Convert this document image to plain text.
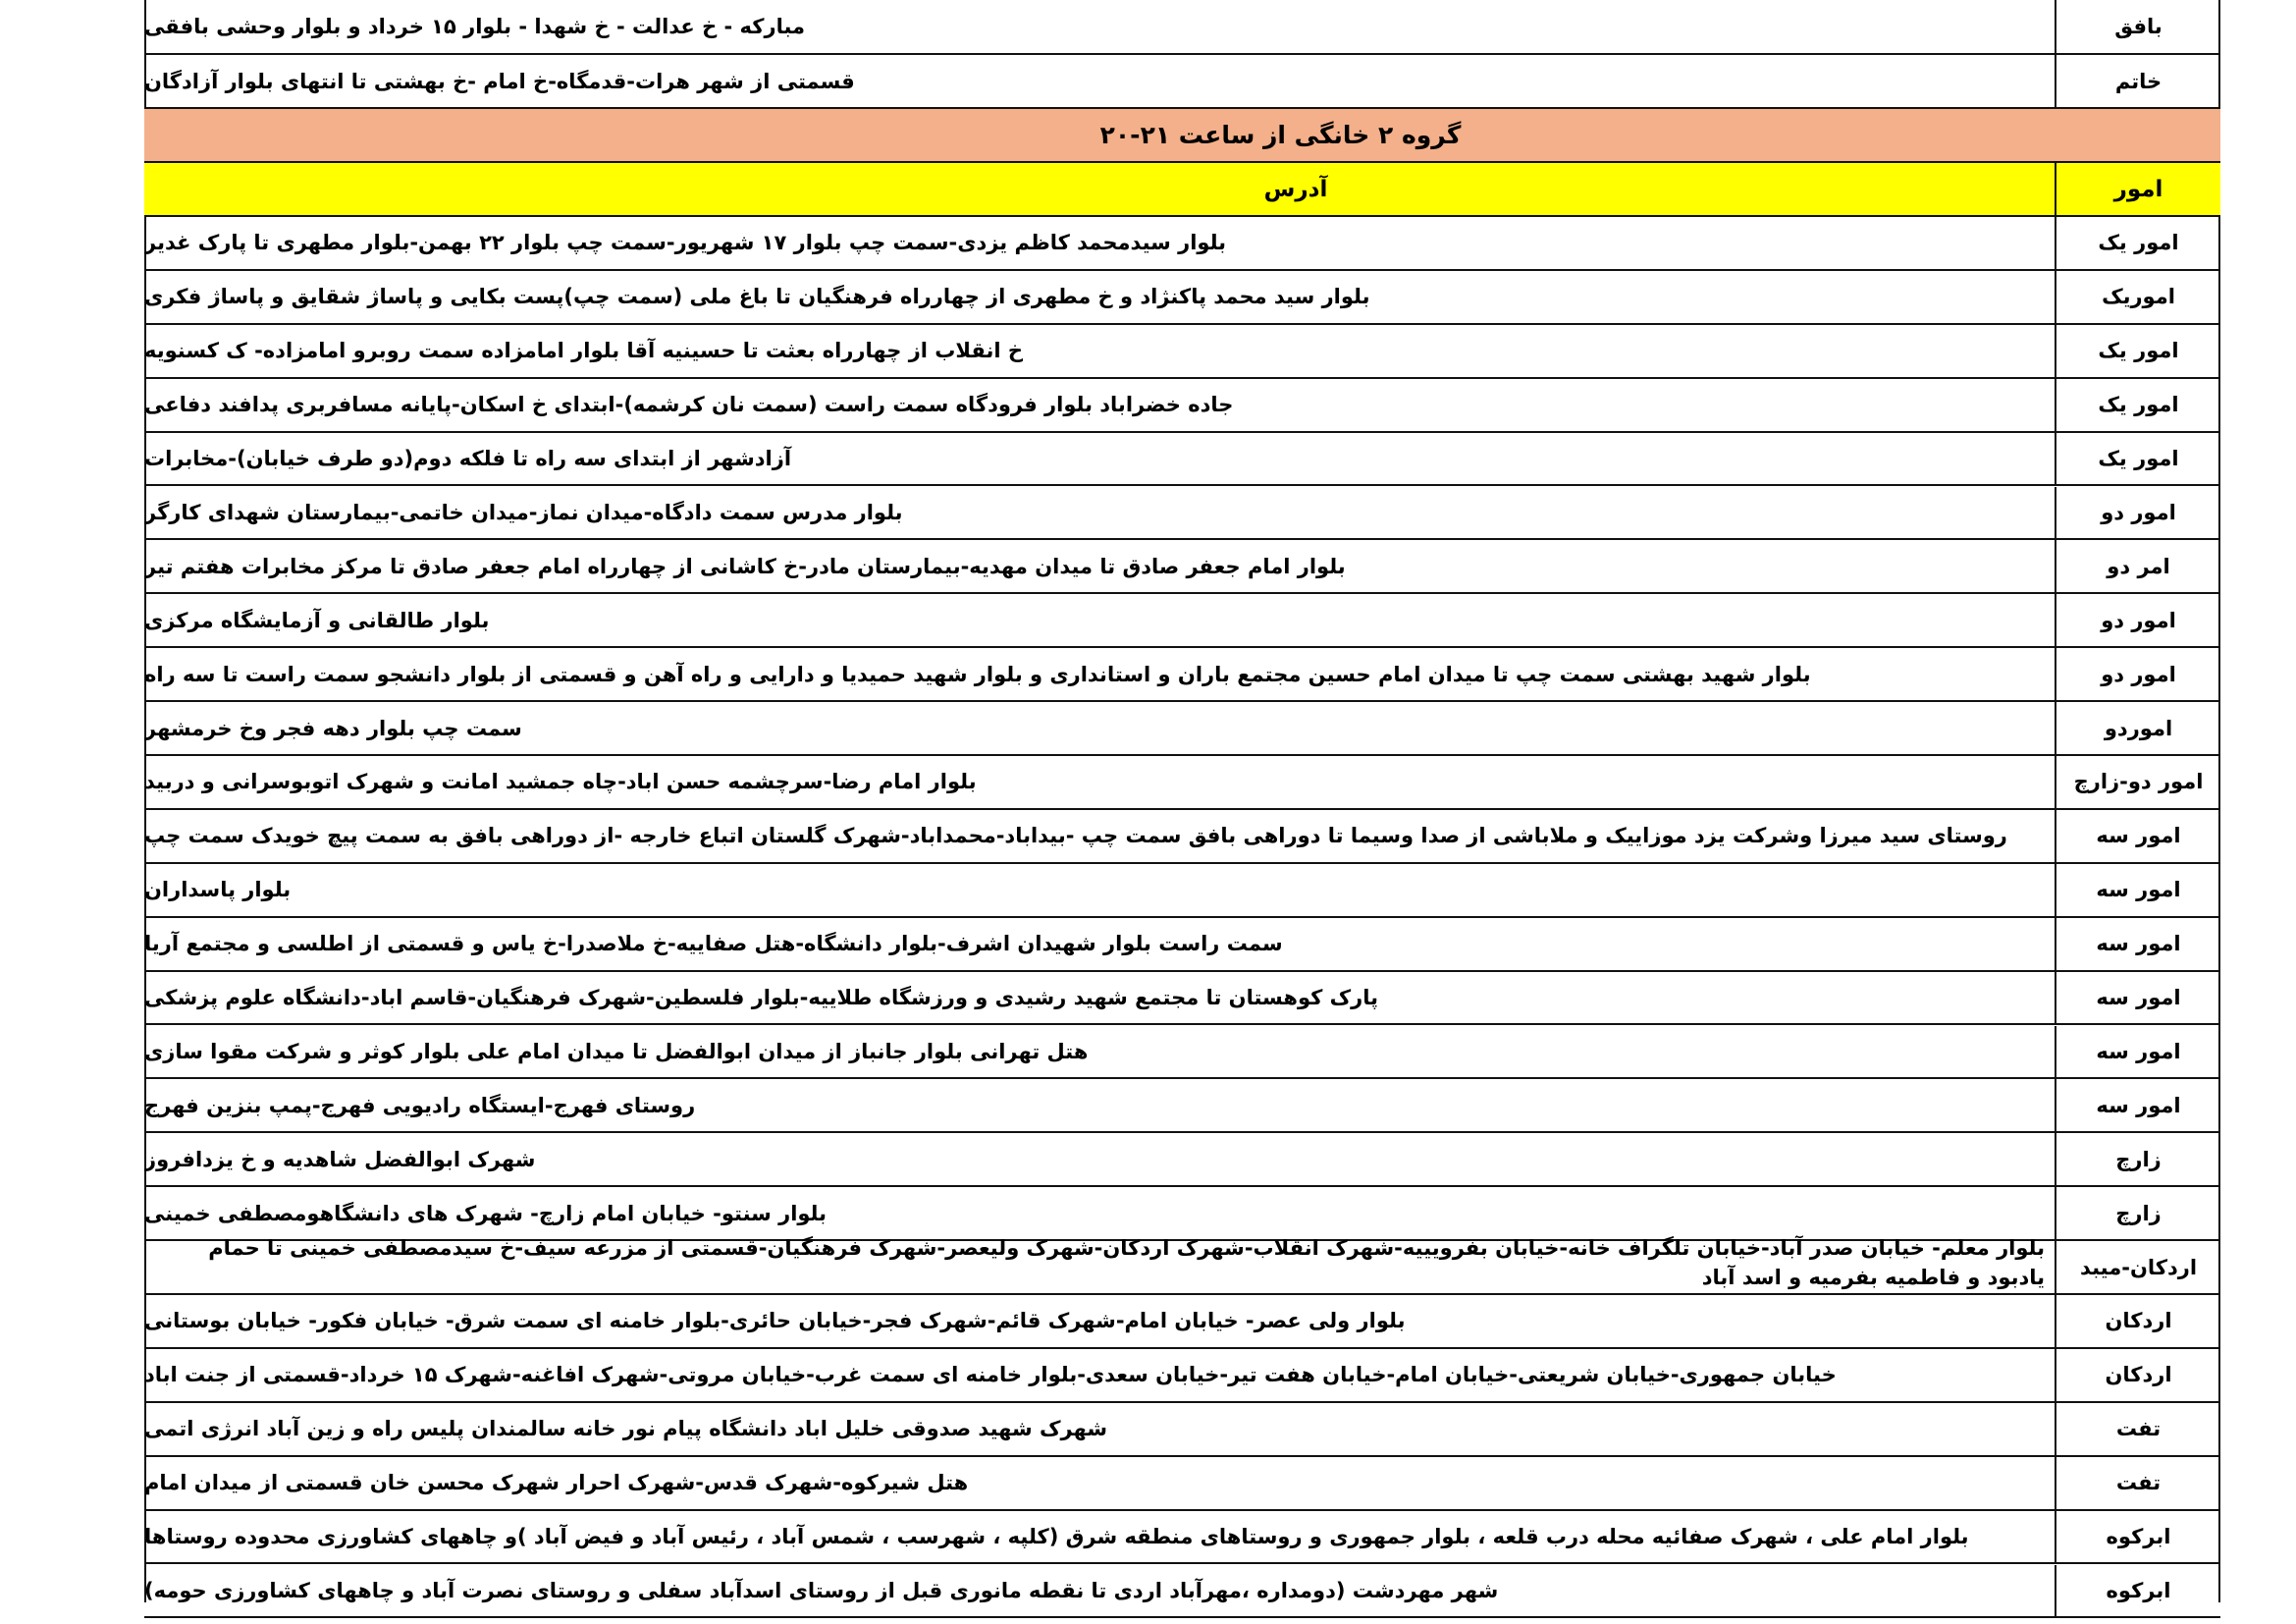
مبارکه - خ عدالت - خ شهدا - بلوار ۱۵ خرداد و بلوار وحشی بافقی	بافق
قسمتی از شهر هرات-قدمگاه-خ امام -خ بهشتی تا انتهای بلوار آزادگان	خاتم
گروه ۲ خانگی از ساعت ۲۱-۲۰
آدرس	امور
بلوار سیدمحمد کاظم یزدی-سمت چپ بلوار ۱۷ شهریور-سمت چپ بلوار ۲۲ بهمن-بلوار مطهری تا پارک غدیر	امور یک
بلوار سید محمد پاکنژاد و خ مطهری از چهارراه فرهنگیان تا باغ ملی (سمت چپ)پست بکایی و پاساژ شقایق و پاساژ فکری	اموریک
خ انقلاب از چهارراه بعثت تا حسینیه آقا بلوار امامزاده سمت روبرو امامزاده- ک کسنویه	امور یک
جاده خضراباد بلوار فرودگاه سمت راست (سمت نان کرشمه)-ابتدای خ اسکان-پایانه مسافربری پدافند دفاعی	امور یک
آزادشهر از ابتدای سه راه تا فلکه دوم(دو طرف خیابان)-مخابرات	امور یک
بلوار مدرس سمت دادگاه-میدان نماز-میدان خاتمی-بیمارستان شهدای کارگر	امور دو
بلوار امام جعفر صادق تا میدان مهدیه-بیمارستان مادر-خ کاشانی از چهارراه امام جعفر صادق تا مرکز مخابرات هفتم تیر	امر دو
بلوار طالقانی و آزمایشگاه مرکزی	امور دو
بلوار شهید بهشتی سمت چپ تا میدان امام حسین مجتمع باران و استانداری و بلوار شهید حمیدیا و دارایی و راه آهن و قسمتی از بلوار دانشجو سمت راست تا سه راه	امور دو
سمت چپ بلوار دهه فجر وخ خرمشهر	امورد‌و
بلوار امام رضا-سرچشمه حسن اباد-چاه جمشید امانت و شهرک اتوبوسرانی و دربید	امور دو-زارچ
روستای سید میرزا وشرکت یزد موزاییک و ملاباشی از صدا وسیما تا دوراهی بافق سمت چپ -بیداباد-محمداباد-شهرک گلستان اتباع خارجه -از دوراهی بافق به سمت پیچ خویدک سمت چپ	امور سه
بلوار پاسداران	امور سه
سمت راست بلوار شهیدان اشرف-بلوار دانشگاه-هتل صفاییه-خ ملاصدرا-خ یاس و قسمتی از اطلسی و مجتمع آریا	امور سه
پارک کوهستان تا مجتمع شهید رشیدی و ورزشگاه طلاییه-بلوار فلسطین-شهرک فرهنگیان-قاسم اباد-دانشگاه علوم پزشکی	امور سه
هتل تهرانی بلوار جانباز از میدان ابوالفضل تا میدان امام علی بلوار کوثر و شرکت مقوا سازی	امور سه
روستای فهرج-ایستگاه رادیویی فهرج-پمپ بنزین فهرج	امور سه
شهرک ابوالفضل شاهدیه و خ یزدافروز	زارچ
بلوار سنتو- خیابان امام زارچ- شهرک های دانشگاهومصطفی خمینی	زارچ
بلوار معلم- خیابان صدر آباد-خیابان تلگراف خانه-خیابان بفرویییه-شهرک انقلاب-شهرک اردکان-شهرک ولیعصر-شهرک فرهنگیان-قسمتی از مزرعه سیف-خ سیدمصطفی خمینی تا حمام یادبود و فاطمیه بفرمیه و اسد آباد	اردکان-میبد
بلوار ولی عصر- خیابان امام-شهرک قائم-شهرک فجر-خیابان حائری-بلوار خامنه ای سمت شرق- خیابان فکور- خیابان بوستانی	اردکان
خیابان جمهوری-خیابان شریعتی-خیابان امام-خیابان هفت تیر-خیابان سعدی-بلوار خامنه ای سمت غرب-خیابان مروتی-شهرک افاغنه-شهرک ۱۵ خرداد-قسمتی از جنت اباد	اردکان
شهرک شهید صدوقی خلیل اباد دانشگاه پیام نور خانه سالمندان پلیس راه و زین آباد انرژی اتمی	تفت
هتل شیرکوه-شهرک قدس-شهرک احرار شهرک محسن خان قسمتی از میدان امام	تفت
بلوار امام علی ، شهرک صفائیه محله درب قلعه ، بلوار جمهوری و روستاهای منطقه شرق (کلپه ، شهرسب ، شمس آباد ، رئیس آباد و فیض آباد )و چاههای کشاورزی محدوده روستاها	ابرکوه
شهر مهردشت (دومداره ،مهرآباد اردی تا نقطه مانوری قبل از روستای اسدآباد سفلی و روستای نصرت آباد و چاههای کشاورزی حومه)	ابرکوه
